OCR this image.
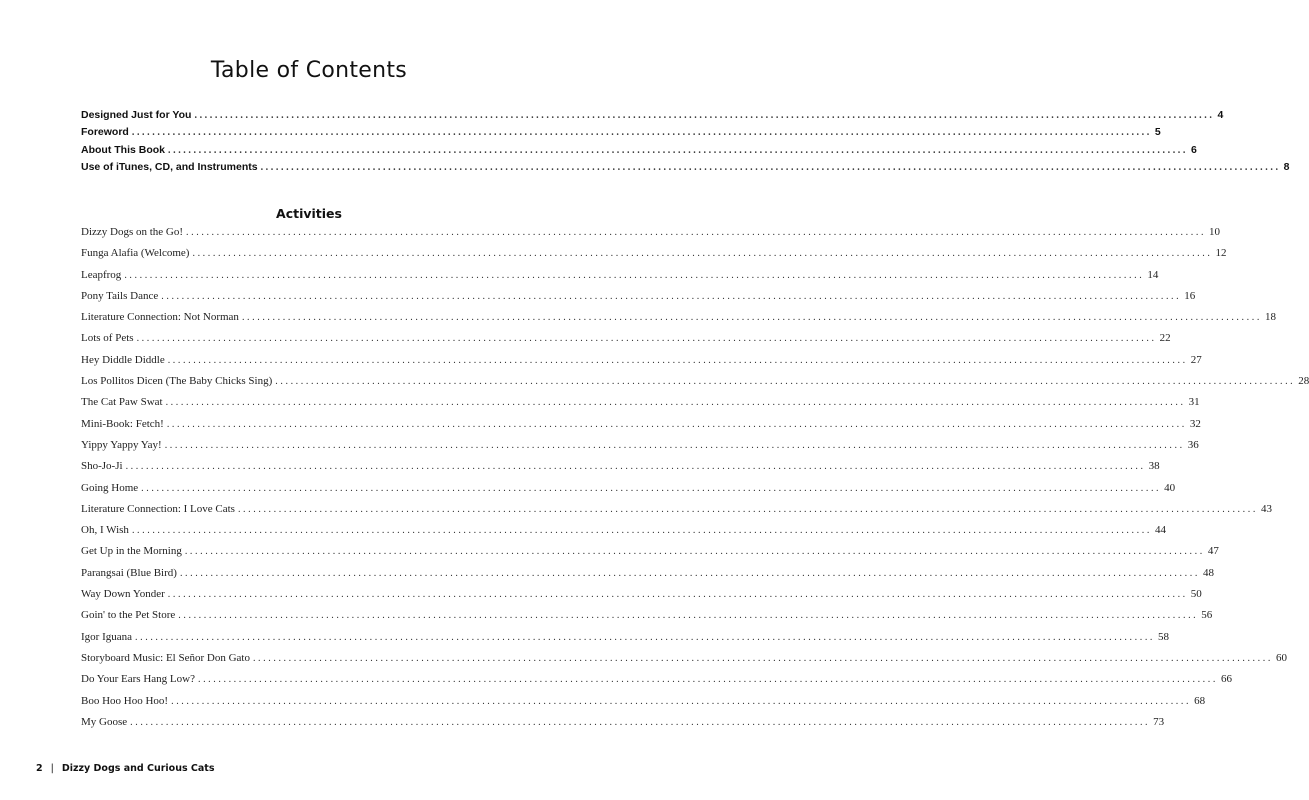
Table of Contents
Designed Just for You ........................................................................................................................................................................................................ 4
Foreword ........................................................................................................................................................................................................ 5
About This Book ........................................................................................................................................................................................................ 6
Use of iTunes, CD, and Instruments ........................................................................................................................................................................................................ 8
Activities
Dizzy Dogs on the Go! ........................................................................................................................................................................................................ 10
Funga Alafia (Welcome) ........................................................................................................................................................................................................ 12
Leapfrog ........................................................................................................................................................................................................ 14
Pony Tails Dance ........................................................................................................................................................................................................ 16
Literature Connection: Not Norman ........................................................................................................................................................................................................ 18
Lots of Pets ........................................................................................................................................................................................................ 22
Hey Diddle Diddle ........................................................................................................................................................................................................ 27
Los Pollitos Dicen (The Baby Chicks Sing) ........................................................................................................................................................................................................ 28
The Cat Paw Swat ........................................................................................................................................................................................................ 31
Mini-Book: Fetch! ........................................................................................................................................................................................................ 32
Yippy Yappy Yay! ........................................................................................................................................................................................................ 36
Sho-Jo-Ji ........................................................................................................................................................................................................ 38
Going Home ........................................................................................................................................................................................................ 40
Literature Connection: I Love Cats ........................................................................................................................................................................................................ 43
Oh, I Wish ........................................................................................................................................................................................................ 44
Get Up in the Morning ........................................................................................................................................................................................................ 47
Parangsai (Blue Bird) ........................................................................................................................................................................................................ 48
Way Down Yonder ........................................................................................................................................................................................................ 50
Goin' to the Pet Store ........................................................................................................................................................................................................ 56
Igor Iguana ........................................................................................................................................................................................................ 58
Storyboard Music: El Señor Don Gato ........................................................................................................................................................................................................ 60
Do Your Ears Hang Low? ........................................................................................................................................................................................................ 66
Boo Hoo Hoo Hoo! ........................................................................................................................................................................................................ 68
My Goose ........................................................................................................................................................................................................ 73
2 | Dizzy Dogs and Curious Cats
